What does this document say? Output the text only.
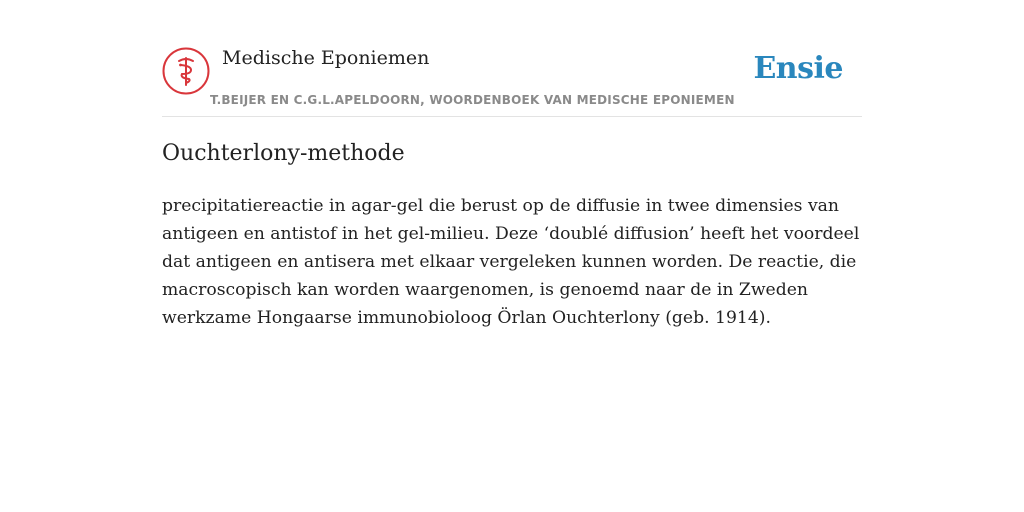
Medische Eponiemen
T.BEIJER EN C.G.L.APELDOORN, WOORDENBOEK VAN MEDISCHE EPONIEMEN
Ensie
Ouchterlony-methode

precipitatiereactie in agar-gel die berust op de diffusie in twee dimensies van
antigeen en antistof in het gel-milieu. Deze ‘doublé diffusion’ heeft het voordeel
dat antigeen en antisera met elkaar vergeleken kunnen worden. De reactie, die
macroscopisch kan worden waargenomen, is genoemd naar de in Zweden
werkzame Hongaarse immunobioloog Örlan Ouchterlony (geb. 1914).
